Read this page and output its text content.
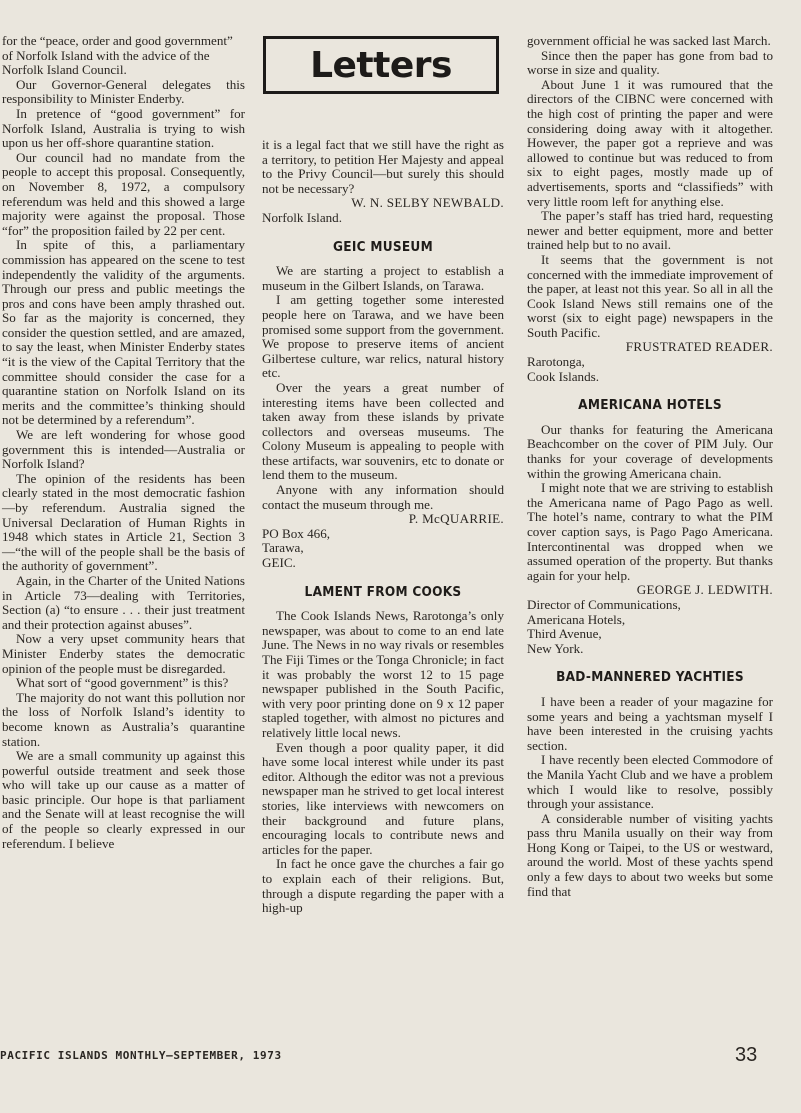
Letters

for the “peace, order and good government” of Norfolk Island with the advice of the Norfolk Island Council.

Our Governor-General delegates this responsibility to Minister Enderby.

In pretence of “good government” for Norfolk Island, Australia is trying to wish upon us her off-shore quarantine station.

Our council had no mandate from the people to accept this proposal. Consequently, on November 8, 1972, a compulsory referendum was held and this showed a large majority were against the proposal. Those “for” the proposition failed by 22 per cent.

In spite of this, a parliamentary commission has appeared on the scene to test independently the validity of the arguments. Through our press and public meetings the pros and cons have been amply thrashed out. So far as the majority is concerned, they consider the question settled, and are amazed, to say the least, when Minister Enderby states “it is the view of the Capital Territory that the committee should consider the case for a quarantine station on Norfolk Island on its merits and the committee’s thinking should not be determined by a referendum”.

We are left wondering for whose good government this is intended—Australia or Norfolk Island?

The opinion of the residents has been clearly stated in the most democratic fashion—by referendum. Australia signed the Universal Declaration of Human Rights in 1948 which states in Article 21, Section 3—“the will of the people shall be the basis of the authority of government”.

Again, in the Charter of the United Nations in Article 73—dealing with Territories, Section (a) “to ensure . . . their just treatment and their protection against abuses”.

Now a very upset community hears that Minister Enderby states the democratic opinion of the people must be disregarded.

What sort of “good government” is this?

The majority do not want this pollution nor the loss of Norfolk Island’s identity to become known as Australia’s quarantine station.

We are a small community up against this powerful outside treatment and seek those who will take up our cause as a matter of basic principle. Our hope is that parliament and the Senate will at least recognise the will of the people so clearly expressed in our referendum. I believe

it is a legal fact that we still have the right as a territory, to petition Her Majesty and appeal to the Privy Council—but surely this should not be necessary?

W. N. SELBY NEWBALD.

Norfolk Island.

GEIC MUSEUM

We are starting a project to establish a museum in the Gilbert Islands, on Tarawa.

I am getting together some interested people here on Tarawa, and we have been promised some support from the government. We propose to preserve items of ancient Gilbertese culture, war relics, natural history etc.

Over the years a great number of interesting items have been collected and taken away from these islands by private collectors and overseas museums. The Colony Museum is appealing to people with these artifacts, war souvenirs, etc to donate or lend them to the museum.

Anyone with any information should contact the museum through me.

P. McQUARRIE.

PO Box 466,

Tarawa,

GEIC.

LAMENT FROM COOKS

The Cook Islands News, Rarotonga’s only newspaper, was about to come to an end late June. The News in no way rivals or resembles The Fiji Times or the Tonga Chronicle; in fact it was probably the worst 12 to 15 page newspaper published in the South Pacific, with very poor printing done on 9 x 12 paper stapled together, with almost no pictures and relatively little local news.

Even though a poor quality paper, it did have some local interest while under its past editor. Although the editor was not a previous newspaper man he strived to get local interest stories, like interviews with newcomers on their background and future plans, encouraging locals to contribute news and articles for the paper.

In fact he once gave the churches a fair go to explain each of their religions. But, through a dispute regarding the paper with a high-up

government official he was sacked last March.

Since then the paper has gone from bad to worse in size and quality.

About June 1 it was rumoured that the directors of the CIBNC were concerned with the high cost of printing the paper and were considering doing away with it altogether. However, the paper got a reprieve and was allowed to continue but was reduced to from six to eight pages, mostly made up of advertisements, sports and “classifieds” with very little room left for anything else.

The paper’s staff has tried hard, requesting newer and better equipment, more and better trained help but to no avail.

It seems that the government is not concerned with the immediate improvement of the paper, at least not this year. So all in all the Cook Island News still remains one of the worst (six to eight page) newspapers in the South Pacific.

FRUSTRATED READER.

Rarotonga,

Cook Islands.

AMERICANA HOTELS

Our thanks for featuring the Americana Beachcomber on the cover of PIM July. Our thanks for your coverage of developments within the growing Americana chain.

I might note that we are striving to establish the Americana name of Pago Pago as well. The hotel’s name, contrary to what the PIM cover caption says, is Pago Pago Americana. Intercontinental was dropped when we assumed operation of the property. But thanks again for your help.

GEORGE J. LEDWITH.

Director of Communications,

Americana Hotels,

Third Avenue,

New York.

BAD-MANNERED YACHTIES

I have been a reader of your magazine for some years and being a yachtsman myself I have been interested in the cruising yachts section.

I have recently been elected Commodore of the Manila Yacht Club and we have a problem which I would like to resolve, possibly through your assistance.

A considerable number of visiting yachts pass thru Manila usually on their way from Hong Kong or Taipei, to the US or westward, around the world. Most of these yachts spend only a few days to about two weeks but some find that

PACIFIC ISLANDS MONTHLY—SEPTEMBER, 1973	33
